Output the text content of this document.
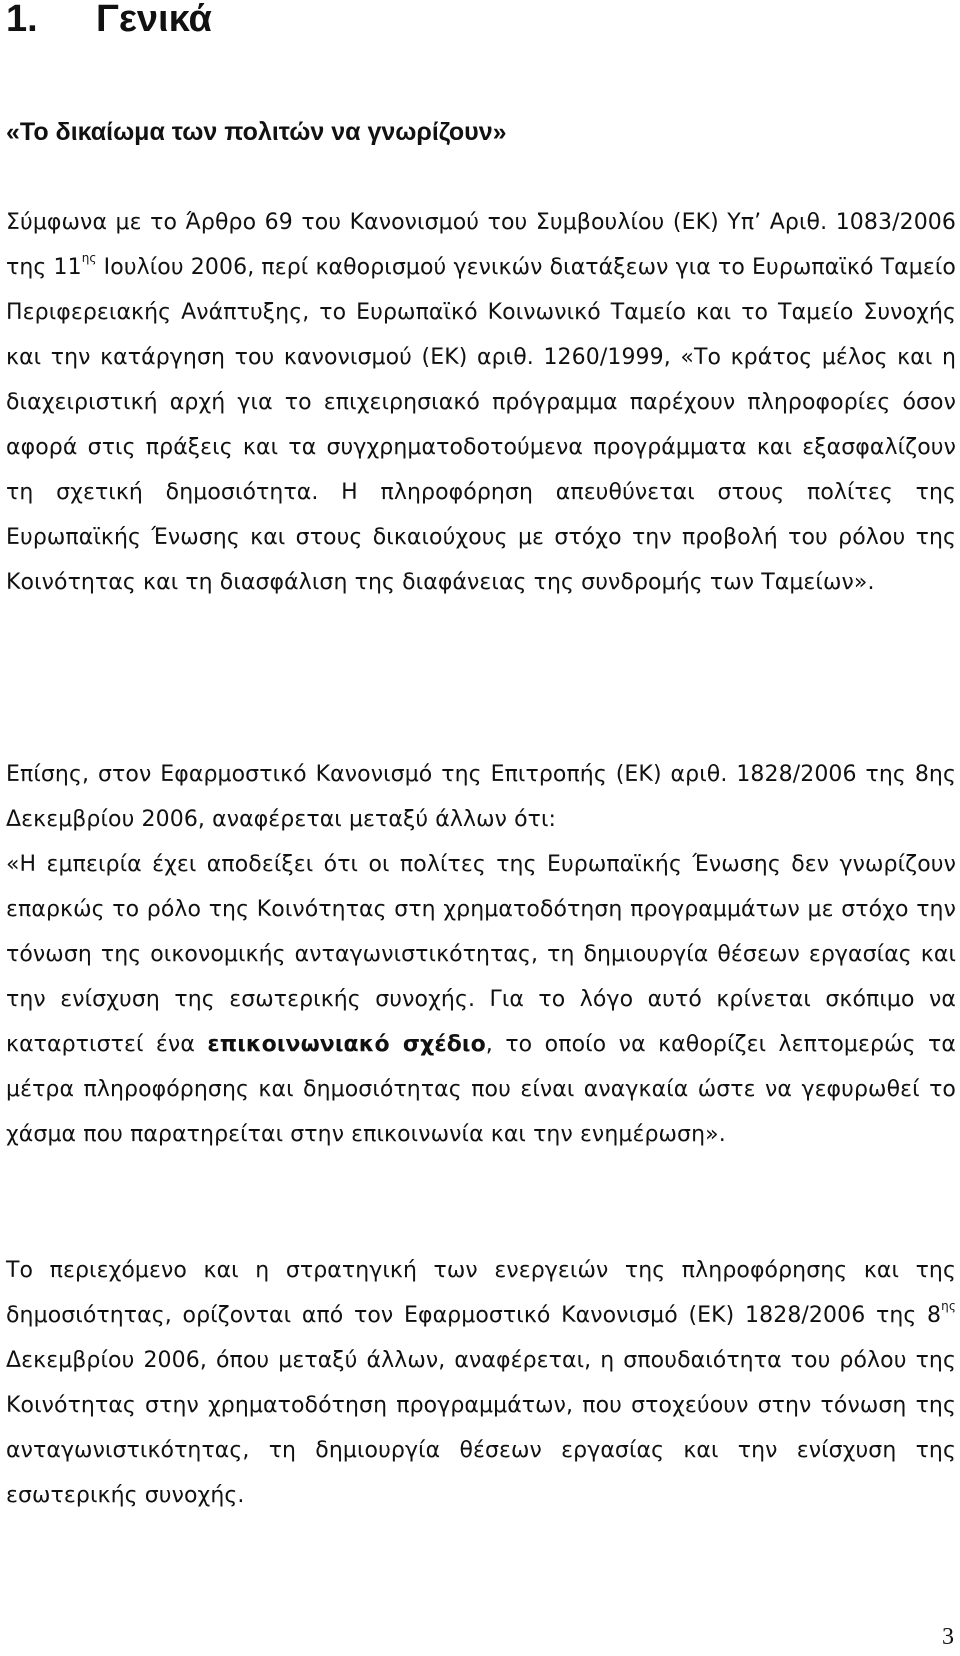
1. Γενικά
«Το δικαίωμα των πολιτών να γνωρίζουν»
Σύμφωνα με το Άρθρο 69 του Κανονισμού του Συμβουλίου (ΕΚ) Υπ’ Αριθ. 1083/2006 της $11^{\eta\varsigma}$ Ιουλίου 2006, περί καθορισμού γενικών διατάξεων για το Ευρωπαϊκό Ταμείο Περιφερειακής Ανάπτυξης, το Ευρωπαϊκό Κοινωνικό Ταμείο και το Ταμείο Συνοχής και την κατάργηση του κανονισμού (ΕΚ) αριθ. 1260/1999, «Το κράτος μέλος και η διαχειριστική αρχή για το επιχειρησιακό πρόγραμμα παρέχουν πληροφορίες όσον αφορά στις πράξεις και τα συγχρηματοδοτούμενα προγράμματα και εξασφαλίζουν τη σχετική δημοσιότητα. Η πληροφόρηση απευθύνεται στους πολίτες της Ευρωπαϊκής Ένωσης και στους δικαιούχους με στόχο την προβολή του ρόλου της Κοινότητας και τη διασφάλιση της διαφάνειας της συνδρομής των Ταμείων».

Επίσης, στον Εφαρμοστικό Κανονισμό της Επιτροπής (ΕΚ) αριθ. 1828/2006 της 8ης Δεκεμβρίου 2006, αναφέρεται μεταξύ άλλων ότι:

«Η εμπειρία έχει αποδείξει ότι οι πολίτες της Ευρωπαϊκής Ένωσης δεν γνωρίζουν επαρκώς το ρόλο της Κοινότητας στη χρηματοδότηση προγραμμάτων με στόχο την τόνωση της οικονομικής ανταγωνιστικότητας, τη δημιουργία θέσεων εργασίας και την ενίσχυση της εσωτερικής συνοχής. Για το λόγο αυτό κρίνεται σκόπιμο να καταρτιστεί ένα επικοινωνιακό σχέδιο, το οποίο να καθορίζει λεπτομερώς τα μέτρα πληροφόρησης και δημοσιότητας που είναι αναγκαία ώστε να γεφυρωθεί το χάσμα που παρατηρείται στην επικοινωνία και την ενημέρωση».

Το περιεχόμενο και η στρατηγική των ενεργειών της πληροφόρησης και της δημοσιότητας, ορίζονται από τον Εφαρμοστικό Κανονισμό (ΕΚ) 1828/2006 της $8^{\eta\varsigma}$ Δεκεμβρίου 2006, όπου μεταξύ άλλων, αναφέρεται, η σπουδαιότητα του ρόλου της Κοινότητας στην χρηματοδότηση προγραμμάτων, που στοχεύουν στην τόνωση της ανταγωνιστικότητας, τη δημιουργία θέσεων εργασίας και την ενίσχυση της εσωτερικής συνοχής.
3
